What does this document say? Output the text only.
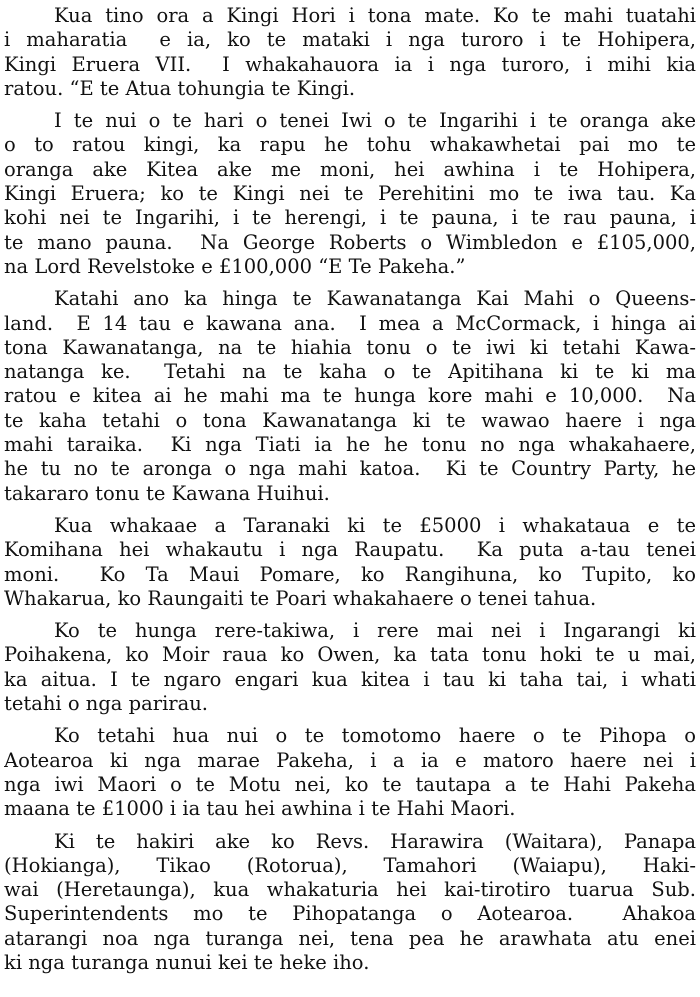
Kua tino ora a Kingi Hori i tona mate. Ko te mahi tuatahi
i maharatia  e ia, ko te mataki i nga turoro i te Hohipera,
Kingi Eruera VII.  I whakahauora ia i nga turoro, i mihi kia
ratou. “E te Atua tohungia te Kingi.
I te nui o te hari o tenei Iwi o te Ingarihi i te oranga ake
o to ratou kingi, ka rapu he tohu whakawhetai pai mo te
oranga ake Kitea ake me moni, hei awhina i te Hohipera,
Kingi Eruera; ko te Kingi nei te Perehitini mo te iwa tau. Ka
kohi nei te Ingarihi, i te herengi, i te pauna, i te rau pauna, i
te mano pauna.  Na George Roberts o Wimbledon e £105,000,
na Lord Revelstoke e £100,000 “E Te Pakeha.”
Katahi ano ka hinga te Kawanatanga Kai Mahi o Queens-
land.  E 14 tau e kawana ana.  I mea a McCormack, i hinga ai
tona Kawanatanga, na te hiahia tonu o te iwi ki tetahi Kawa-
natanga ke.  Tetahi na te kaha o te Apitihana ki te ki ma
ratou e kitea ai he mahi ma te hunga kore mahi e 10,000.  Na
te kaha tetahi o tona Kawanatanga ki te wawao haere i nga
mahi taraika.  Ki nga Tiati ia he he tonu no nga whakahaere,
he tu no te aronga o nga mahi katoa.  Ki te Country Party, he
takararo tonu te Kawana Huihui.
Kua whakaae a Taranaki ki te £5000 i whakataua e te
Komihana hei whakautu i nga Raupatu.  Ka puta a-tau tenei
moni.  Ko Ta Maui Pomare, ko Rangihuna, ko Tupito, ko
Whakarua, ko Raungaiti te Poari whakahaere o tenei tahua.
Ko te hunga rere-takiwa, i rere mai nei i Ingarangi ki
Poihakena, ko Moir raua ko Owen, ka tata tonu hoki te u mai,
ka aitua. I te ngaro engari kua kitea i tau ki taha tai, i whati
tetahi o nga parirau.
Ko tetahi hua nui o te tomotomo haere o te Pihopa o
Aotearoa ki nga marae Pakeha, i a ia e matoro haere nei i
nga iwi Maori o te Motu nei, ko te tautapa a te Hahi Pakeha
maana te £1000 i ia tau hei awhina i te Hahi Maori.
Ki te hakiri ake ko Revs. Harawira (Waitara), Panapa
(Hokianga), Tikao (Rotorua), Tamahori (Waiapu), Haki-
wai (Heretaunga), kua whakaturia hei kai-tirotiro tuarua Sub.
Superintendents mo te Pihopatanga o Aotearoa.  Ahakoa
atarangi noa nga turanga nei, tena pea he arawhata atu enei
ki nga turanga nunui kei te heke iho.
